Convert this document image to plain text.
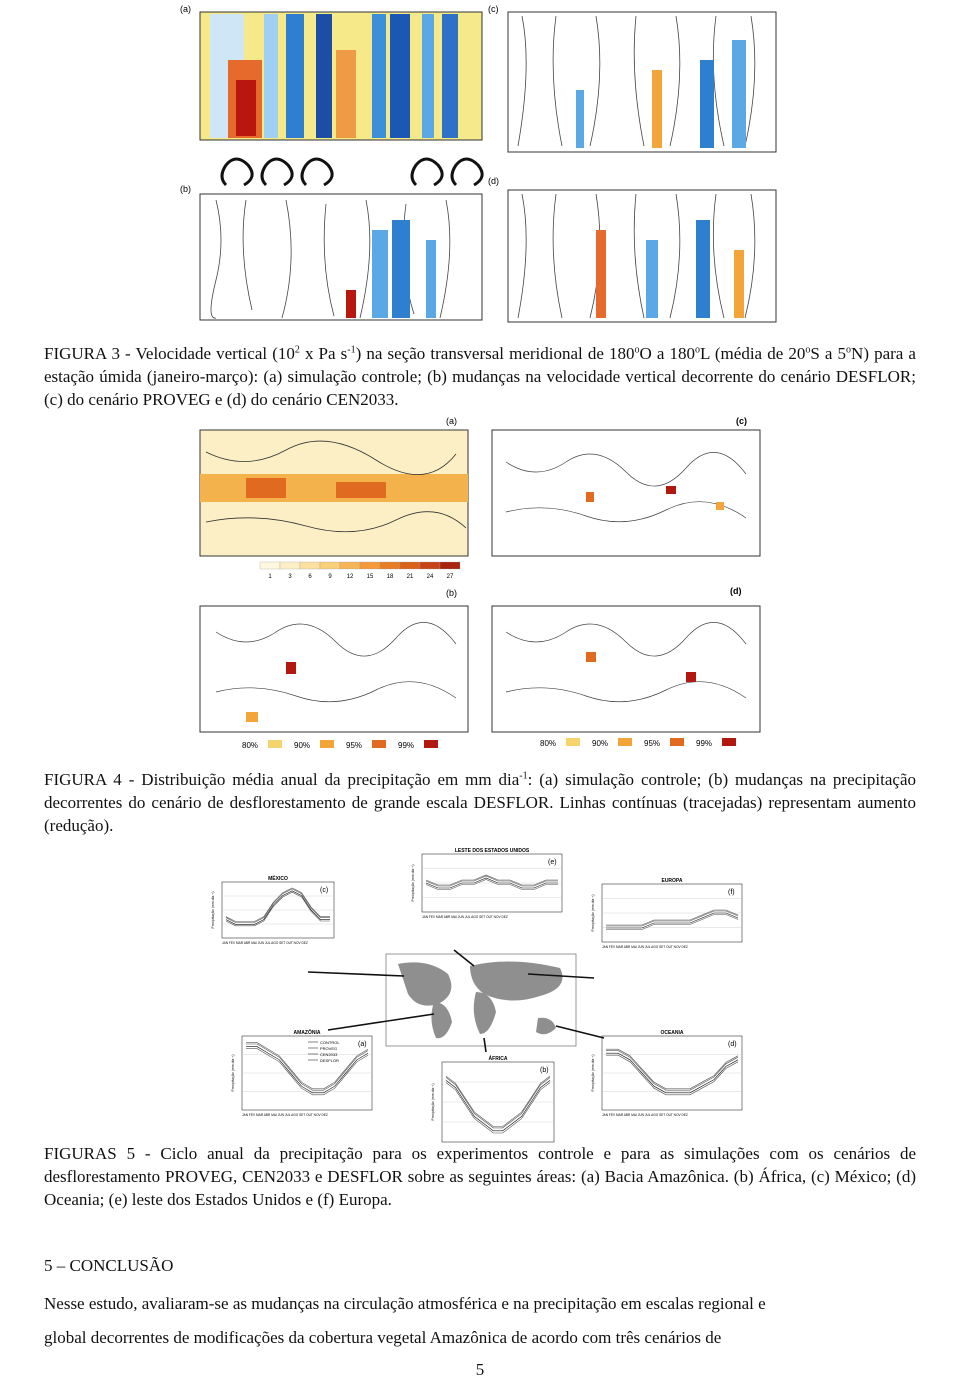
(a)
(b)
(c)
(d)
FIGURA 3 - Velocidade vertical ($10^2$ x Pa $s^{-1}$) na seção transversal meridional de 180$^o$O a 180$^o$L (média de 20$^o$S a 5$^o$N) para a estação úmida (janeiro-março): (a) simulação controle; (b) mudanças na velocidade vertical decorrente do cenário DESFLOR; (c) do cenário PROVEG e (d) do cenário CEN2033.
(a)
1	3	6	9 12 15 18 21 24 27
(c)
(b)	(d)
80%	90%	95%	99%	80%	90%	95%	99%
FIGURA 4 - Distribuição média anual da precipitação em mm dia$^{-1}$: (a) simulação controle; (b) mudanças na precipitação decorrentes do cenário de desflorestamento de grande escala DESFLOR. Linhas contínuas (tracejadas) representam aumento (redução).
LESTE DOS ESTADOS UNIDOS
(e)
JAN FEV MAR ABR MAI JUN JUL AGO SET OUT NOV DEZ
Precipitação (mm dia⁻¹)
MÉXICO
(c)
JAN FEV MAR ABR MAI JUN JUL AGO SET OUT NOV DEZ
Precipitação (mm dia⁻¹)
EUROPA
(f)
JAN FEV MAR ABR MAI JUN JUL AGO SET OUT NOV DEZ
Precipitação (mm dia⁻¹)
AMAZÔNIA
(a)
JAN FEV MAR ABR MAI JUN JUL AGO SET OUT NOV DEZ
Precipitação (mm dia⁻¹)
CONTROL
PROVEG
CEN2033
DESFLOR	ÁFRICA
(b)
Precipitação (mm dia⁻¹)
OCEANIA
(d)
JAN FEV MAR ABR MAI JUN JUL AGO SET OUT NOV DEZ
Precipitação (mm dia⁻¹)
FIGURAS 5 - Ciclo anual da precipitação para os experimentos controle e para as simulações com os cenários de desflorestamento PROVEG, CEN2033 e DESFLOR sobre as seguintes áreas: (a) Bacia Amazônica. (b) África, (c) México; (d) Oceania; (e) leste dos Estados Unidos e (f) Europa.
5 – CONCLUSÃO
Nesse estudo, avaliaram-se as mudanças na circulação atmosférica e na precipitação em escalas regional e
global decorrentes de modificações da cobertura vegetal Amazônica de acordo com três cenários de
5
